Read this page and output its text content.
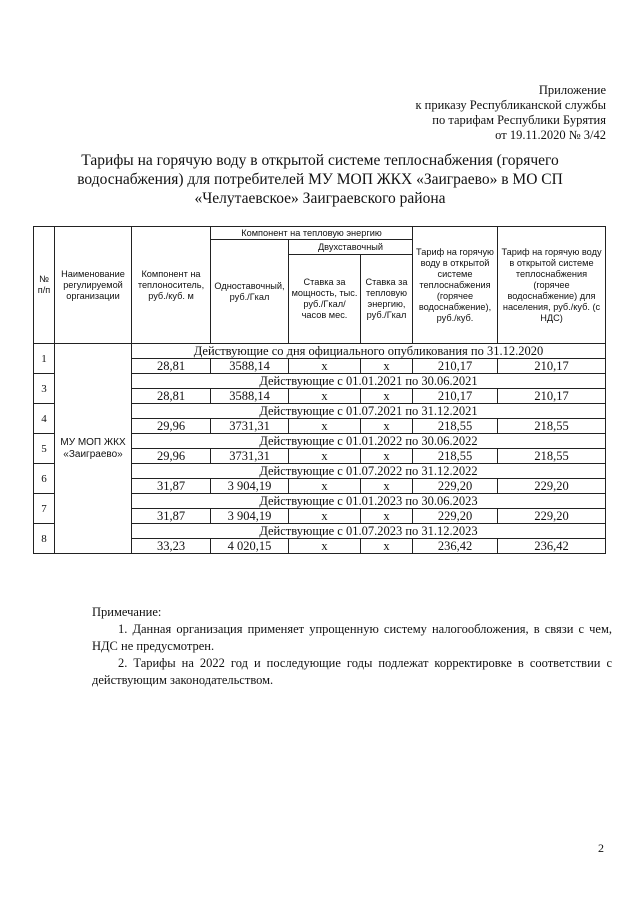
Приложение
к приказу Республиканской службы
по тарифам Республики Бурятия
от 19.11.2020 № 3/42
Тарифы на горячую воду в открытой системе теплоснабжения (горячего водоснабжения) для потребителей МУ МОП ЖКХ «Заиграево» в МО СП «Челутаевское» Заиграевского района
№ п/п	Наименование регулируемой организации	Компонент на теплоноситель, руб./куб. м	Компонент на тепловую энергию			Тариф на горячую воду в открытой системе теплоснабжения (горячее водоснабжение), руб./куб.	Тариф на горячую воду в открытой системе теплоснабжения (горячее водоснабжение) для населения, руб./куб. (с НДС)
			Одноставочный, руб./Гкал	Двухставочный			
				Ставка за мощность, тыс. руб./Гкал/ часов мес.	Ставка за тепловую энергию, руб./Гкал		
1	МУ МОП ЖКХ «Заиграево»	Действующие со дня официального опубликования по 31.12.2020					
		28,81	3588,14	x	x	210,17	210,17
3		Действующие с 01.01.2021 по 30.06.2021					
		28,81	3588,14	x	x	210,17	210,17
4		Действующие с 01.07.2021 по 31.12.2021					
		29,96	3731,31	x	x	218,55	218,55
5		Действующие с 01.01.2022 по 30.06.2022					
		29,96	3731,31	x	x	218,55	218,55
6		Действующие с 01.07.2022 по 31.12.2022					
		31,87	3 904,19	x	x	229,20	229,20
7		Действующие с 01.01.2023 по 30.06.2023					
		31,87	3 904,19	x	x	229,20	229,20
8		Действующие с 01.07.2023 по 31.12.2023					
		33,23	4 020,15	x	x	236,42	236,42

Примечание:

1. Данная организация применяет упрощенную систему налогообложения, в связи с чем, НДС не предусмотрен.

2. Тарифы на 2022 год и последующие годы подлежат корректировке в соответствии с действующим законодательством.

2
